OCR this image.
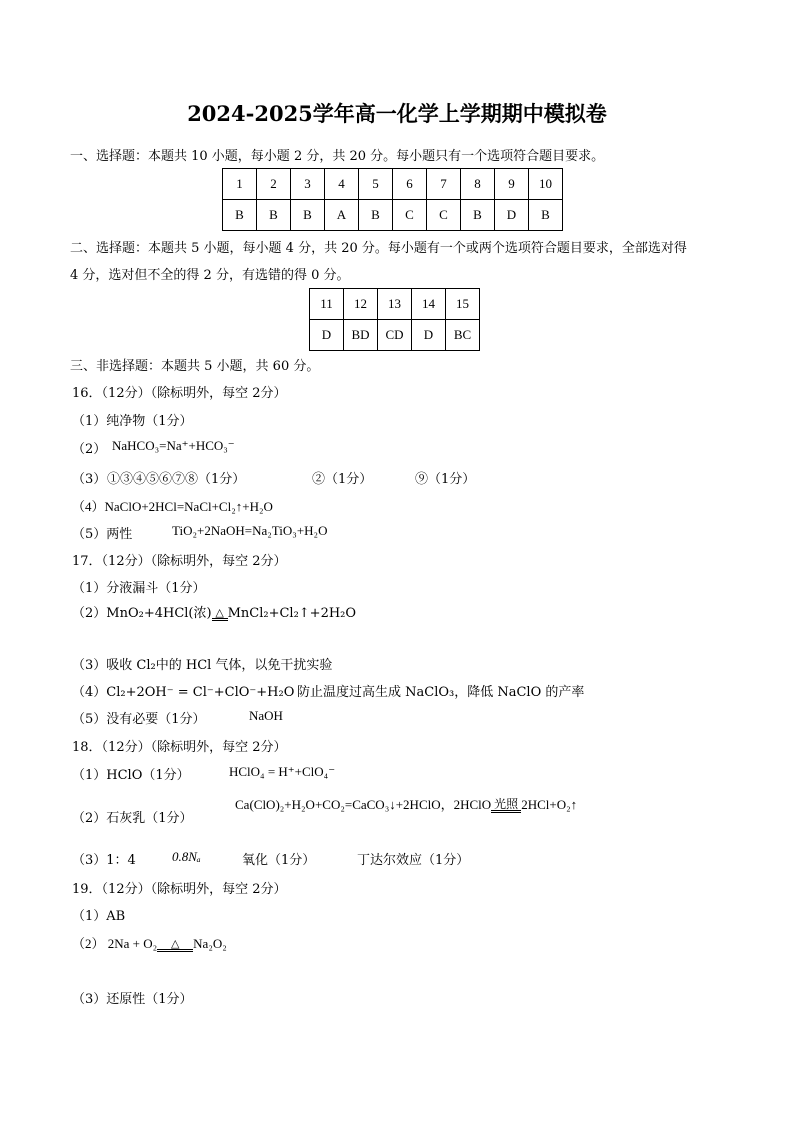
2024-2025学年高一化学上学期期中模拟卷
一、选择题：本题共 10 小题，每小题 2 分，共 20 分。每小题只有一个选项符合题目要求。
1	2	3	4	5	6	7	8	9	10
B	B	B	A	B	C	C	B	D	B
二、选择题：本题共 5 小题，每小题 4 分，共 20 分。每小题有一个或两个选项符合题目要求，全部选对得
4 分，选对但不全的得 2 分，有选错的得 0 分。
11	12	13	14	15
D	BD	CD	D	BC
三、非选择题：本题共 5 小题，共 60 分。
16．（12分）（除标明外，每空 2分）
（1）纯净物（1分）
（2） NaHCO₃=Na⁺+HCO₃⁻
（3） ①③④⑤⑥⑦⑧（1分）	②（1分）	⑨（1分）
（4）NaClO+2HCl=NaCl+Cl₂↑+H₂O
（5）两性	TiO₂+2NaOH=Na₂TiO₃+H₂O
17．（12分）（除标明外，每空 2分）
（1）分液漏斗（1分）
（2）MnO₂+4HCl(浓) △ MnCl₂+Cl₂↑+2H₂O
（3）吸收 Cl₂中的 HCl 气体，以免干扰实验
（4）Cl₂+2OH⁻ = Cl⁻+ClO⁻+H₂O 防止温度过高生成 NaClO₃，降低 NaClO 的产率
（5）没有必要（1分）	NaOH
18．（12分）（除标明外，每空 2分）
（1）HClO（1分）	HClO₄ = H⁺+ClO₄⁻
（2）石灰乳（1分）
Ca(ClO)₂+H₂O+CO₂=CaCO₃↓+2HClO，2HClO 光照 2HCl+O₂↑
（3）1：4	0.8Nₐ	氧化（1分）	丁达尔效应（1分）
19．（12分）（除标明外，每空 2分）
（1）AB
（2） 2Na + O₂	△	Na₂O₂
（3）还原性（1分）
